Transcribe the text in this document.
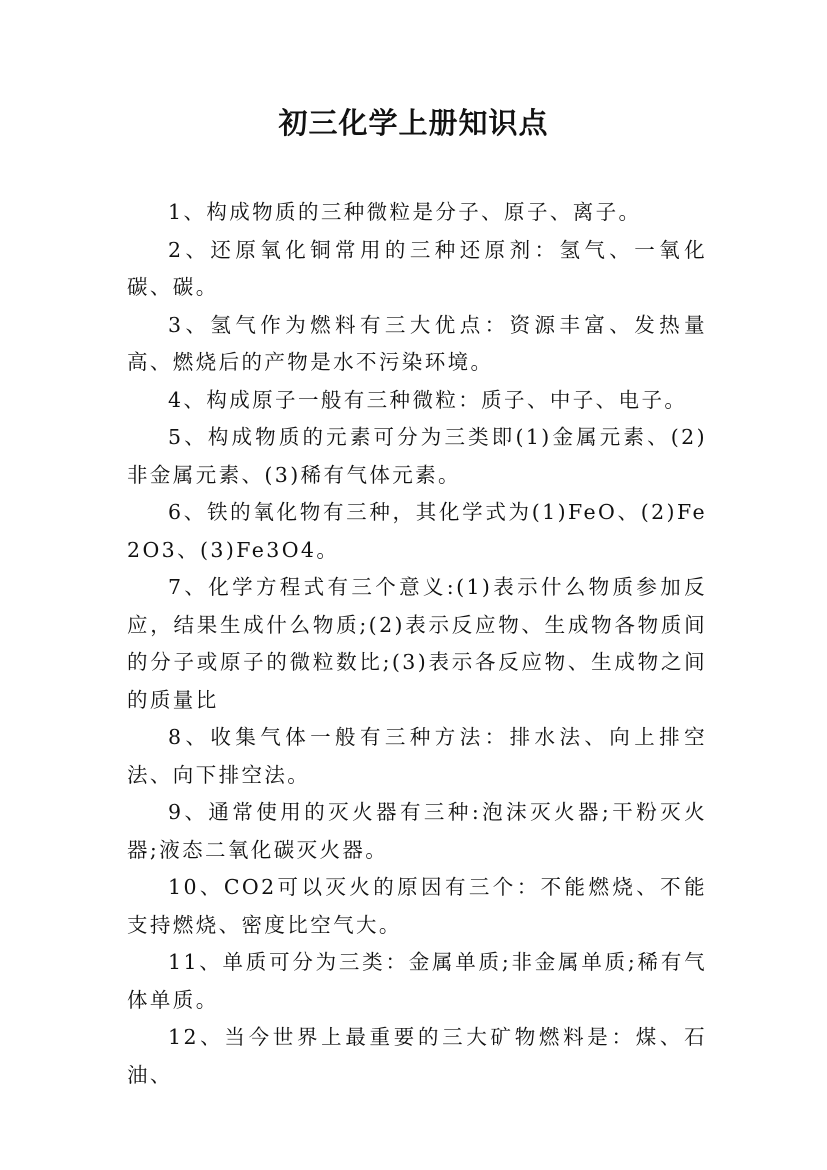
初三化学上册知识点

1、构成物质的三种微粒是分子、原子、离子。

2、还原氧化铜常用的三种还原剂：氢气、一氧化碳、碳。

3、氢气作为燃料有三大优点：资源丰富、发热量高、燃烧后的产物是水不污染环境。

4、构成原子一般有三种微粒：质子、中子、电子。

5、构成物质的元素可分为三类即(1)金属元素、(2)非金属元素、(3)稀有气体元素。

6、铁的氧化物有三种，其化学式为(1)FeO、(2)Fe2O3、(3)Fe3O4。

7、化学方程式有三个意义:(1)表示什么物质参加反应，结果生成什么物质;(2)表示反应物、生成物各物质间的分子或原子的微粒数比;(3)表示各反应物、生成物之间的质量比

8、收集气体一般有三种方法：排水法、向上排空法、向下排空法。

9、通常使用的灭火器有三种:泡沫灭火器;干粉灭火器;液态二氧化碳灭火器。

10、CO2可以灭火的原因有三个：不能燃烧、不能支持燃烧、密度比空气大。

11、单质可分为三类：金属单质;非金属单质;稀有气体单质。

12、当今世界上最重要的三大矿物燃料是：煤、石油、
